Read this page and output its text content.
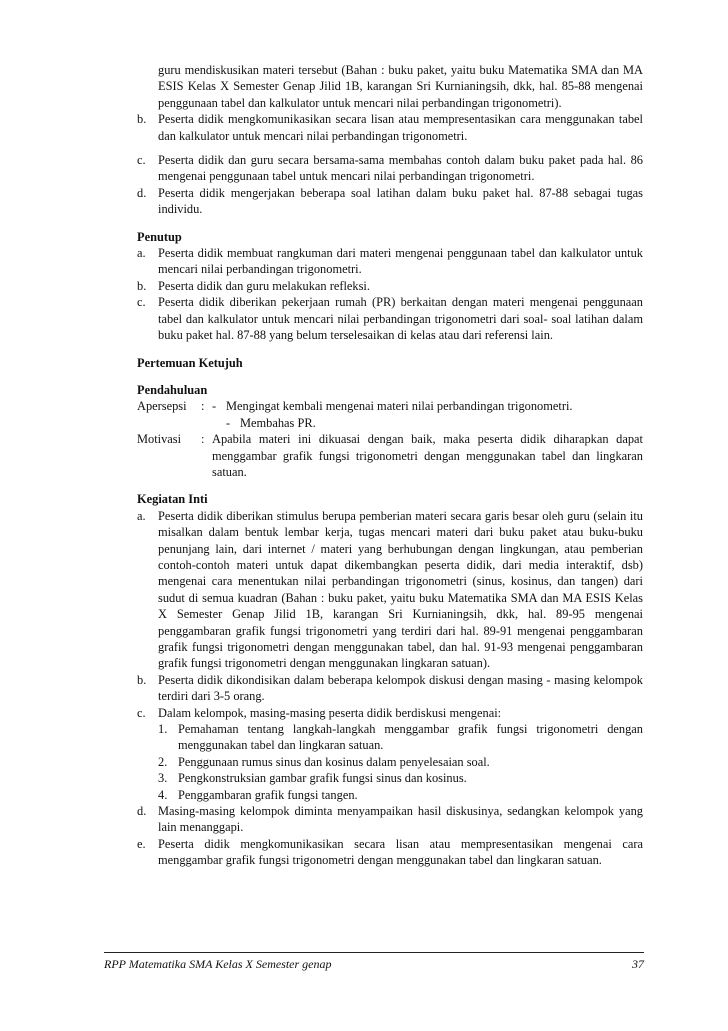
guru mendiskusikan materi tersebut (Bahan : buku paket, yaitu buku Matematika SMA dan MA ESIS Kelas X Semester Genap Jilid 1B, karangan Sri Kurnianingsih, dkk, hal. 85-88 mengenai penggunaan tabel dan kalkulator untuk mencari nilai perbandingan trigonometri).
b. Peserta didik mengkomunikasikan secara lisan atau mempresentasikan cara menggunakan tabel dan kalkulator untuk mencari nilai perbandingan trigonometri.
c. Peserta didik dan guru secara bersama-sama membahas contoh dalam buku paket pada hal. 86 mengenai penggunaan tabel untuk mencari nilai perbandingan trigonometri.
d. Peserta didik mengerjakan beberapa soal latihan dalam buku paket hal. 87-88 sebagai tugas individu.
Penutup
a. Peserta didik membuat rangkuman dari materi mengenai penggunaan tabel dan kalkulator untuk mencari nilai perbandingan trigonometri.
b. Peserta didik dan guru melakukan refleksi.
c. Peserta didik diberikan pekerjaan rumah (PR) berkaitan dengan materi mengenai penggunaan tabel dan kalkulator untuk mencari nilai perbandingan trigonometri dari soal- soal latihan dalam buku paket hal. 87-88 yang belum terselesaikan di kelas atau dari referensi lain.
Pertemuan Ketujuh
Pendahuluan
Apersepsi	: - Mengingat kembali mengenai materi nilai perbandingan trigonometri.
- Membahas PR.
Motivasi	: Apabila materi ini dikuasai dengan baik, maka peserta didik diharapkan dapat menggambar grafik fungsi trigonometri dengan menggunakan tabel dan lingkaran satuan.
Kegiatan Inti
a. Peserta didik diberikan stimulus berupa pemberian materi secara garis besar oleh guru (selain itu misalkan dalam bentuk lembar kerja, tugas mencari materi dari buku paket atau buku-buku penunjang lain, dari internet / materi yang berhubungan dengan lingkungan, atau pemberian contoh-contoh materi untuk dapat dikembangkan peserta didik, dari media interaktif, dsb) mengenai cara menentukan nilai perbandingan trigonometri (sinus, kosinus, dan tangen) dari sudut di semua kuadran (Bahan : buku paket, yaitu buku Matematika SMA dan MA ESIS Kelas X Semester Genap Jilid 1B, karangan Sri Kurnianingsih, dkk, hal. 89-95 mengenai penggambaran grafik fungsi trigonometri yang terdiri dari hal. 89-91 mengenai penggambaran grafik fungsi trigonometri dengan menggunakan tabel, dan hal. 91-93 mengenai penggambaran grafik fungsi trigonometri dengan menggunakan lingkaran satuan).
b. Peserta didik dikondisikan dalam beberapa kelompok diskusi dengan masing - masing kelompok terdiri dari 3-5 orang.
c. Dalam kelompok, masing-masing peserta didik berdiskusi mengenai:
1. Pemahaman tentang langkah-langkah menggambar grafik fungsi trigonometri dengan menggunakan tabel dan lingkaran satuan.
2. Penggunaan rumus sinus dan kosinus dalam penyelesaian soal.
3. Pengkonstruksian gambar grafik fungsi sinus dan kosinus.
4. Penggambaran grafik fungsi tangen.
d. Masing-masing kelompok diminta menyampaikan hasil diskusinya, sedangkan kelompok yang lain menanggapi.
e. Peserta didik mengkomunikasikan secara lisan atau mempresentasikan mengenai cara menggambar grafik fungsi trigonometri dengan menggunakan tabel dan lingkaran satuan.
RPP Matematika SMA Kelas X Semester genap	37
